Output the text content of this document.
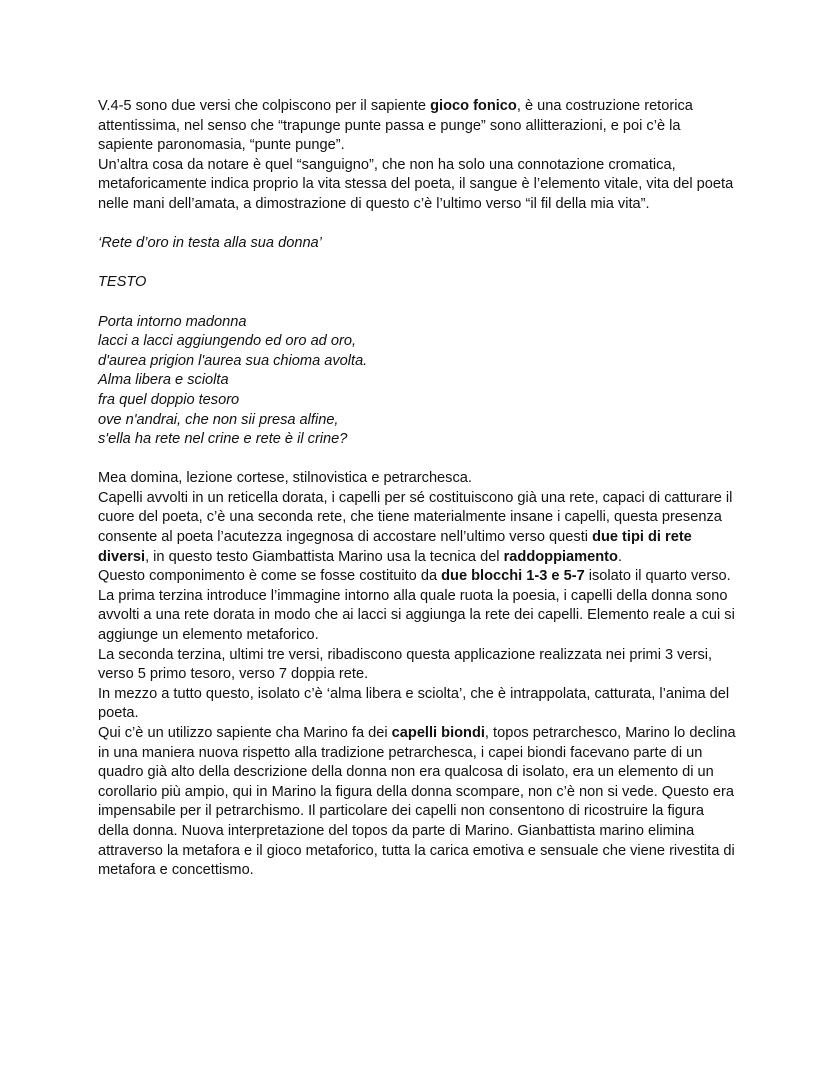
V.4-5 sono due versi che colpiscono per il sapiente gioco fonico, è una costruzione retorica attentissima, nel senso che “trapunge punte passa e punge” sono allitterazioni, e poi c’è la sapiente paronomasia, “punte punge”.

Un’altra cosa da notare è quel “sanguigno”, che non ha solo una connotazione cromatica, metaforicamente indica proprio la vita stessa del poeta, il sangue è l’elemento vitale, vita del poeta nelle mani dell’amata, a dimostrazione di questo c’è l’ultimo verso “il fil della mia vita”.

‘Rete d’oro in testa alla sua donna’

TESTO

Porta intorno madonna

lacci a lacci aggiungendo ed oro ad oro,

d'aurea prigion l'aurea sua chioma avolta.

Alma libera e sciolta

fra quel doppio tesoro

ove n'andrai, che non sii presa alfine,

s'ella ha rete nel crine e rete è il crine?

Mea domina, lezione cortese, stilnovistica e petrarchesca.

Capelli avvolti in un reticella dorata, i capelli per sé costituiscono già una rete, capaci di catturare il cuore del poeta, c’è una seconda rete, che tiene materialmente insane i capelli, questa presenza consente al poeta l’acutezza ingegnosa di accostare nell’ultimo verso questi due tipi di rete diversi, in questo testo Giambattista Marino usa la tecnica del raddoppiamento.

Questo componimento è come se fosse costituito da due blocchi 1-3 e 5-7 isolato il quarto verso.

La prima terzina introduce l’immagine intorno alla quale ruota la poesia, i capelli della donna sono avvolti a una rete dorata in modo che ai lacci si aggiunga la rete dei capelli. Elemento reale a cui si aggiunge un elemento metaforico.

La seconda terzina, ultimi tre versi, ribadiscono questa applicazione realizzata nei primi 3 versi, verso 5 primo tesoro, verso 7 doppia rete.

In mezzo a tutto questo, isolato c’è ‘alma libera e sciolta’, che è intrappolata, catturata, l’anima del poeta.

Qui c’è un utilizzo sapiente cha Marino fa dei capelli biondi, topos petrarchesco, Marino lo declina in una maniera nuova rispetto alla tradizione petrarchesca, i capei biondi facevano parte di un quadro già alto della descrizione della donna non era qualcosa di isolato, era un elemento di un corollario più ampio, qui in Marino la figura della donna scompare, non c’è non si vede. Questo era impensabile per il petrarchismo. Il particolare dei capelli non consentono di ricostruire la figura della donna. Nuova interpretazione del topos da parte di Marino. Gianbattista marino elimina attraverso la metafora e il gioco metaforico, tutta la carica emotiva e sensuale che viene rivestita di metafora e concettismo.
